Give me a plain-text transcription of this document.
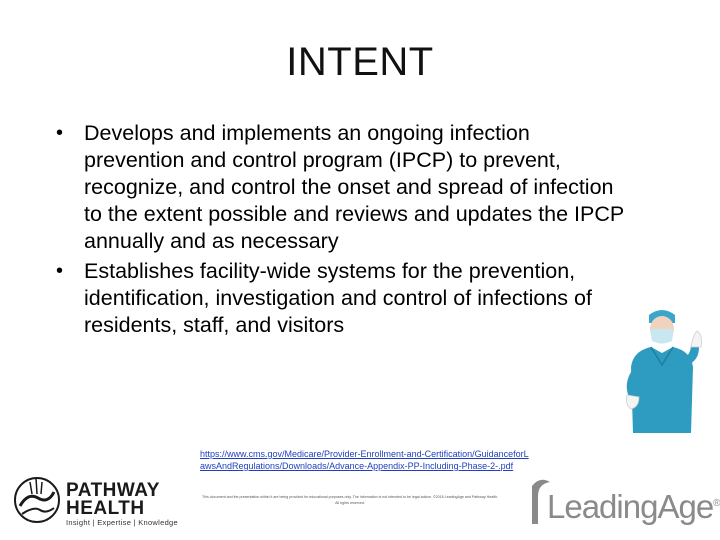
INTENT
• Develops and implements an ongoing infection prevention and control program (IPCP) to prevent, recognize, and control the onset and spread of infection to the extent possible and reviews and updates the IPCP annually and as necessary
• Establishes facility-wide systems for the prevention, identification, investigation and control of infections of residents, staff, and visitors
https://www.cms.gov/Medicare/Provider-Enrollment-and-Certification/GuidanceforLawsAndRegulations/Downloads/Advance-Appendix-PP-Including-Phase-2-.pdf
This document and the presentation within it are being provided for educational purposes only. The information is not intended to be legal advice. ©2018 LeadingAge and Pathway Health. All rights reserved.
PATHWAY
HEALTH
Insight | Expertise | Knowledge	LeadingAge®
